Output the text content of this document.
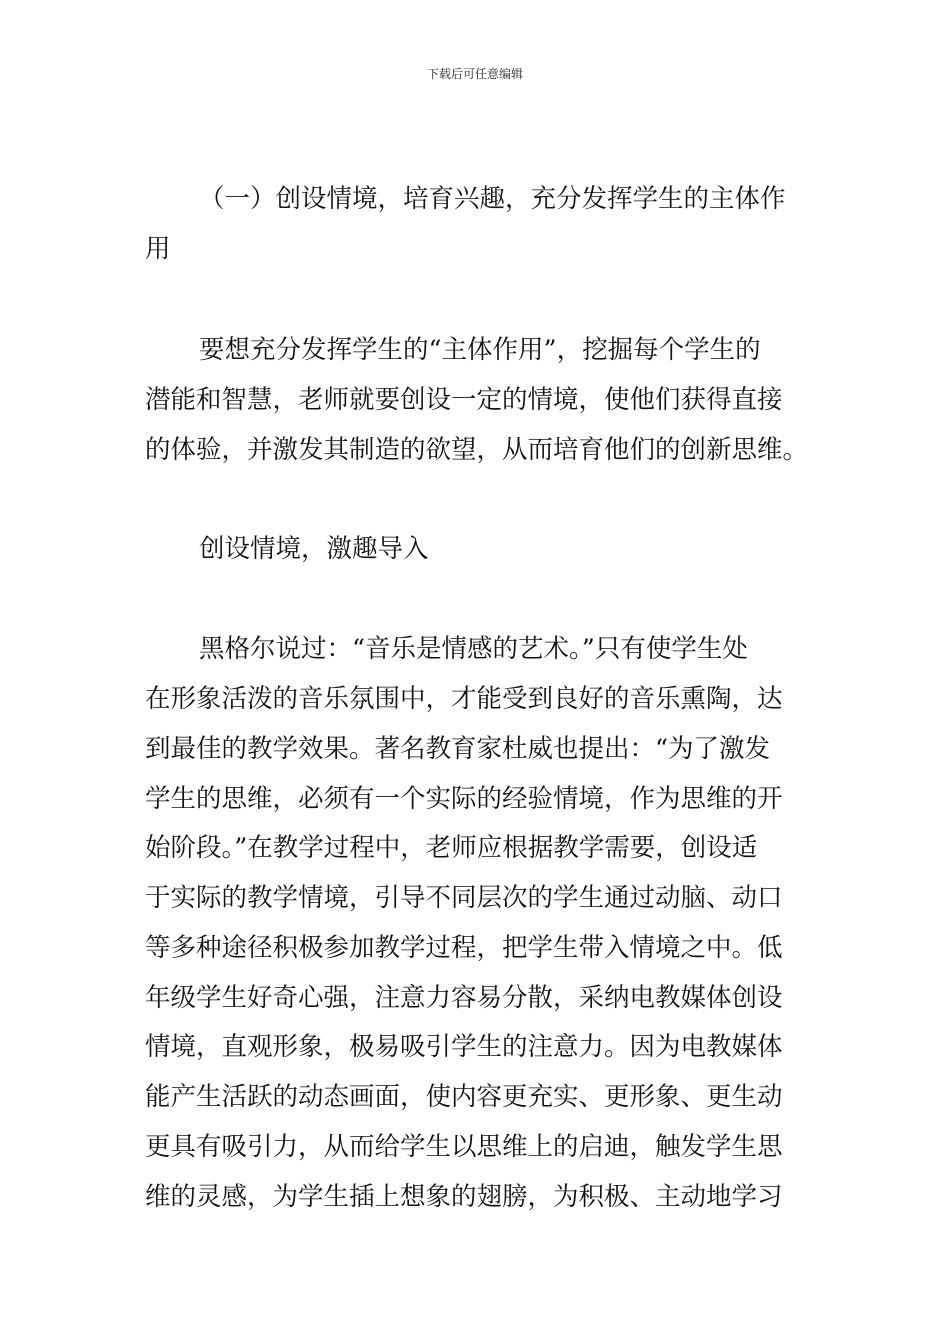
下载后可任意编辑
（一）创设情境，培育兴趣，充分发挥学生的主体作
用
要想充分发挥学生的“主体作用”，挖掘每个学生的
潜能和智慧，老师就要创设一定的情境，使他们获得直接
的体验，并激发其制造的欲望，从而培育他们的创新思维。
创设情境，激趣导入
黑格尔说过：“音乐是情感的艺术。”只有使学生处
在形象活泼的音乐氛围中，才能受到良好的音乐熏陶，达
到最佳的教学效果。著名教育家杜威也提出：“为了激发
学生的思维，必须有一个实际的经验情境，作为思维的开
始阶段。”在教学过程中，老师应根据教学需要，创设适
于实际的教学情境，引导不同层次的学生通过动脑、动口
等多种途径积极参加教学过程，把学生带入情境之中。低
年级学生好奇心强，注意力容易分散，采纳电教媒体创设
情境，直观形象，极易吸引学生的注意力。因为电教媒体
能产生活跃的动态画面，使内容更充实、更形象、更生动
更具有吸引力，从而给学生以思维上的启迪，触发学生思
维的灵感，为学生插上想象的翅膀，为积极、主动地学习
